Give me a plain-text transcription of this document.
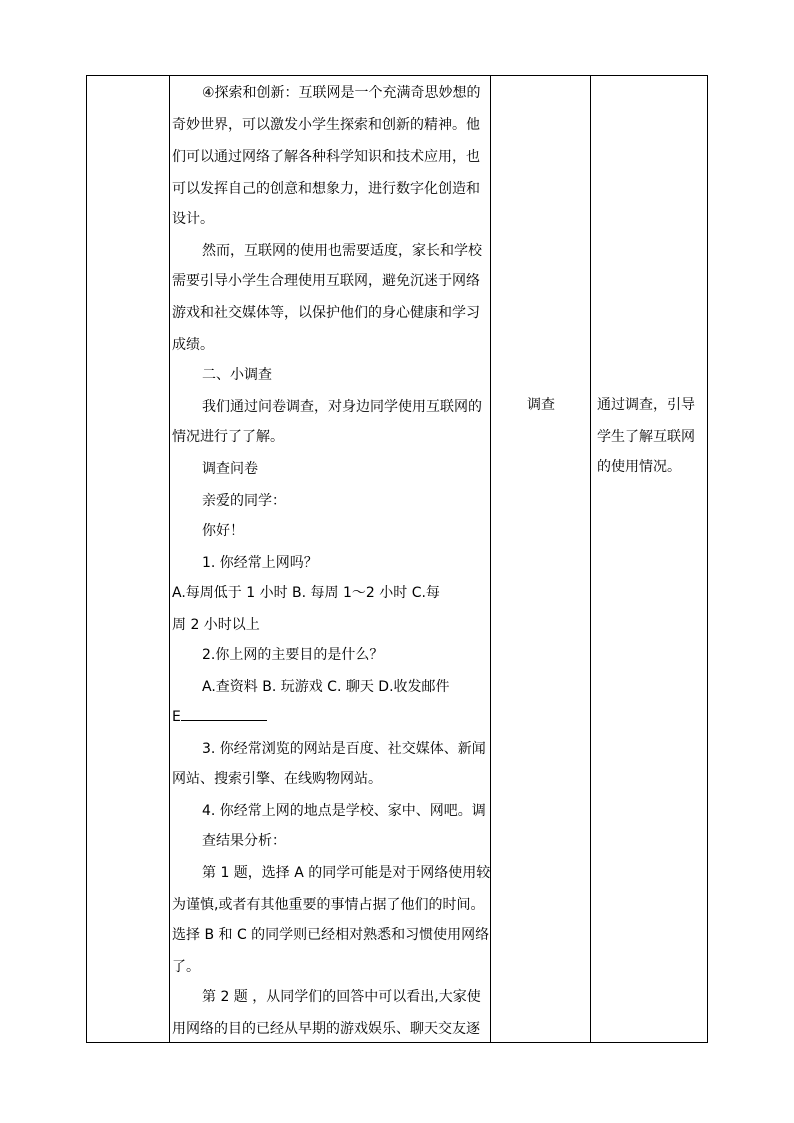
④探索和创新：互联网是一个充满奇思妙想的
奇妙世界，可以激发小学生探索和创新的精神。他
们可以通过网络了解各种科学知识和技术应用，也
可以发挥自己的创意和想象力，进行数字化创造和
设计。
然而，互联网的使用也需要适度，家长和学校
需要引导小学生合理使用互联网，避免沉迷于网络
游戏和社交媒体等，以保护他们的身心健康和学习
成绩。
二、小调查
我们通过问卷调查，对身边同学使用互联网的
情况进行了了解。
调查问卷
亲爱的同学：
你好！
1. 你经常上网吗？
A.每周低于 1 小时 B. 每周 1～2 小时 C.每
周 2 小时以上
2.你上网的主要目的是什么？
A.查资料 B. 玩游戏 C. 聊天 D.收发邮件
E
3. 你经常浏览的网站是百度、社交媒体、新闻
网站、搜索引擎、在线购物网站。
4. 你经常上网的地点是学校、家中、网吧。调
查结果分析：
第 1 题，选择 A 的同学可能是对于网络使用较
为谨慎,或者有其他重要的事情占据了他们的时间。
选择 B 和 C 的同学则已经相对熟悉和习惯使用网络
了。
第 2 题 ，从同学们的回答中可以看出,大家使
用网络的目的已经从早期的游戏娱乐、聊天交友逐
调查	通过调查，引导
学生了解互联网
的使用情况。
